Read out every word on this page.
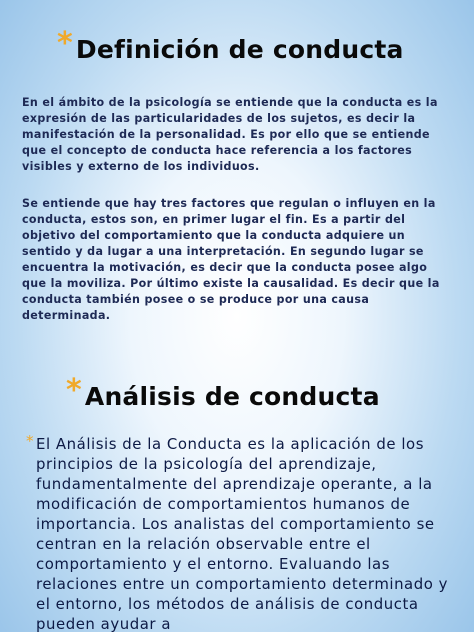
* Definición de conducta

En el ámbito de la psicología se entiende que la conducta es la expresión de las particularidades de los sujetos, es decir la manifestación de la personalidad. Es por ello que se entiende que el concepto de conducta hace referencia a los factores visibles y externo de los individuos.

Se entiende que hay tres factores que regulan o influyen en la conducta, estos son, en primer lugar el fin. Es a partir del objetivo del comportamiento que la conducta adquiere un sentido y da lugar a una interpretación. En segundo lugar se encuentra la motivación, es decir que la conducta posee algo que la moviliza. Por último existe la causalidad. Es decir que la conducta también posee o se produce por una causa determinada.

* Análisis de conducta

* El Análisis de la Conducta es la aplicación de los principios de la psicología del aprendizaje, fundamentalmente del aprendizaje operante, a la modificación de comportamientos humanos de importancia. Los analistas del comportamiento se centran en la relación observable entre el comportamiento y el entorno. Evaluando las relaciones entre un comportamiento determinado y el entorno, los métodos de análisis de conducta pueden ayudar a
